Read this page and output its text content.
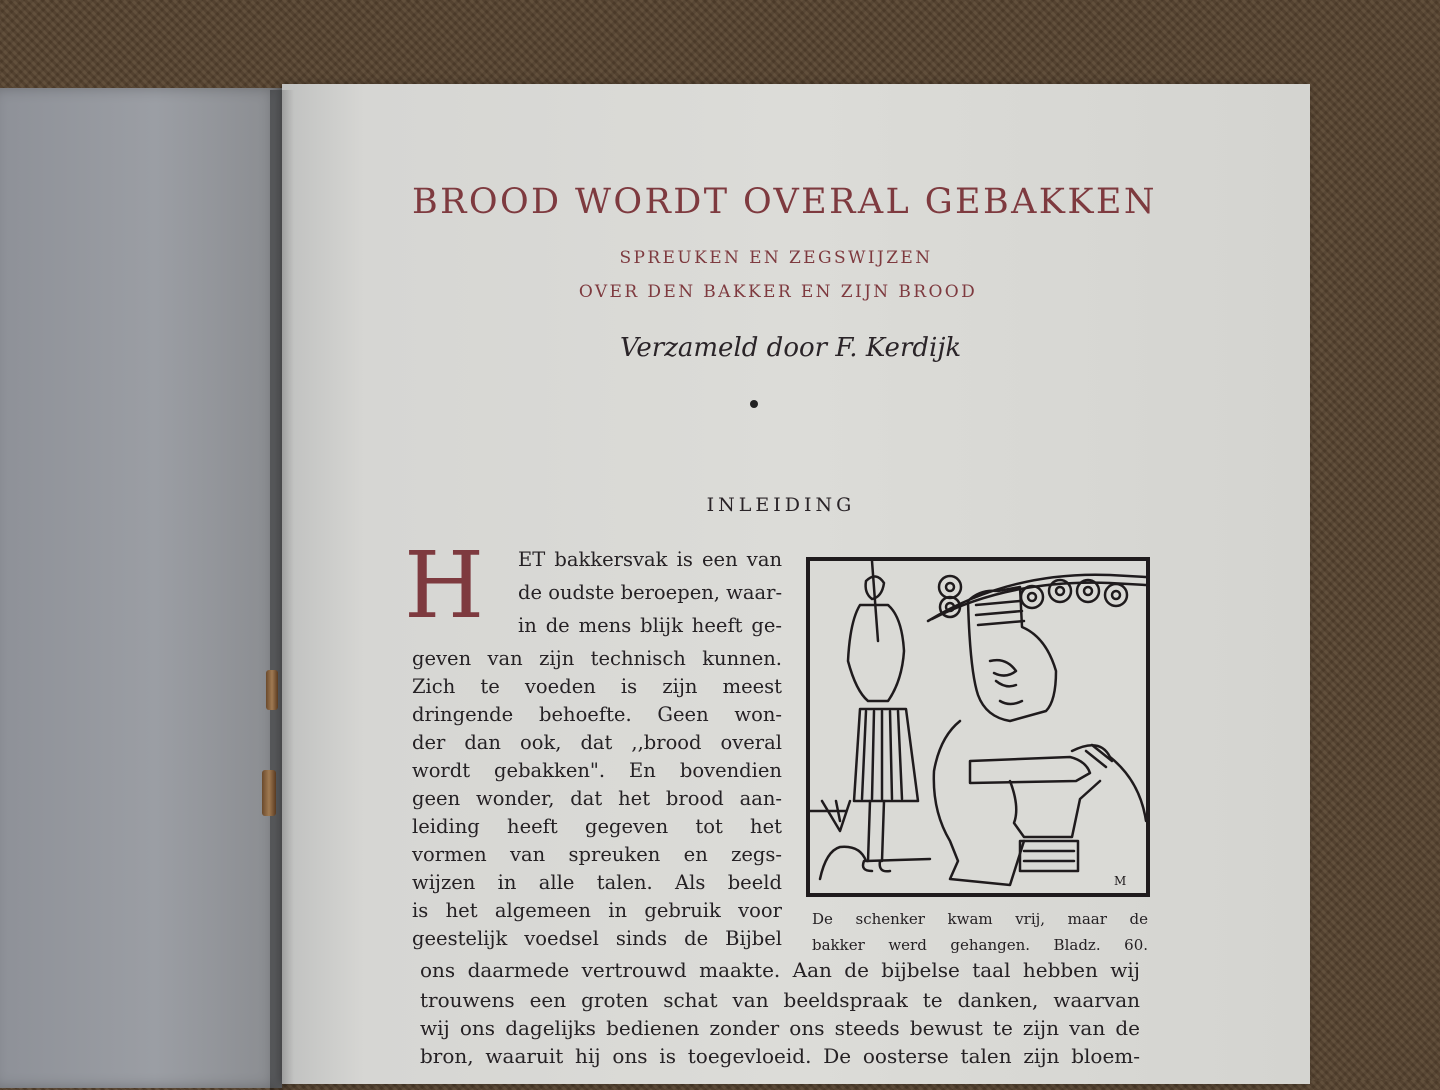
BROOD WORDT OVERAL GEBAKKEN
SPREUKEN EN ZEGSWIJZEN
OVER DEN BAKKER EN ZIJN BROOD
Verzameld door F. Kerdijk
INLEIDING
H ET bakkersvak is een van
de oudste beroepen, waar-
in de mens blijk heeft ge-
geven van zijn technisch kunnen.
Zich te voeden is zijn meest
dringende behoefte. Geen won-
der dan ook, dat ,,brood overal
wordt gebakken". En bovendien
geen wonder, dat het brood aan-
leiding heeft gegeven tot het
vormen van spreuken en zegs-
wijzen in alle talen. Als beeld
is het algemeen in gebruik voor
geestelijk voedsel sinds de Bijbel
M
De schenker kwam vrij, maar de
bakker werd gehangen. Bladz. 60.
ons daarmede vertrouwd maakte. Aan de bijbelse taal hebben wij
trouwens een groten schat van beeldspraak te danken, waarvan
wij ons dagelijks bedienen zonder ons steeds bewust te zijn van de
bron, waaruit hij ons is toegevloeid. De oosterse talen zijn bloem-
